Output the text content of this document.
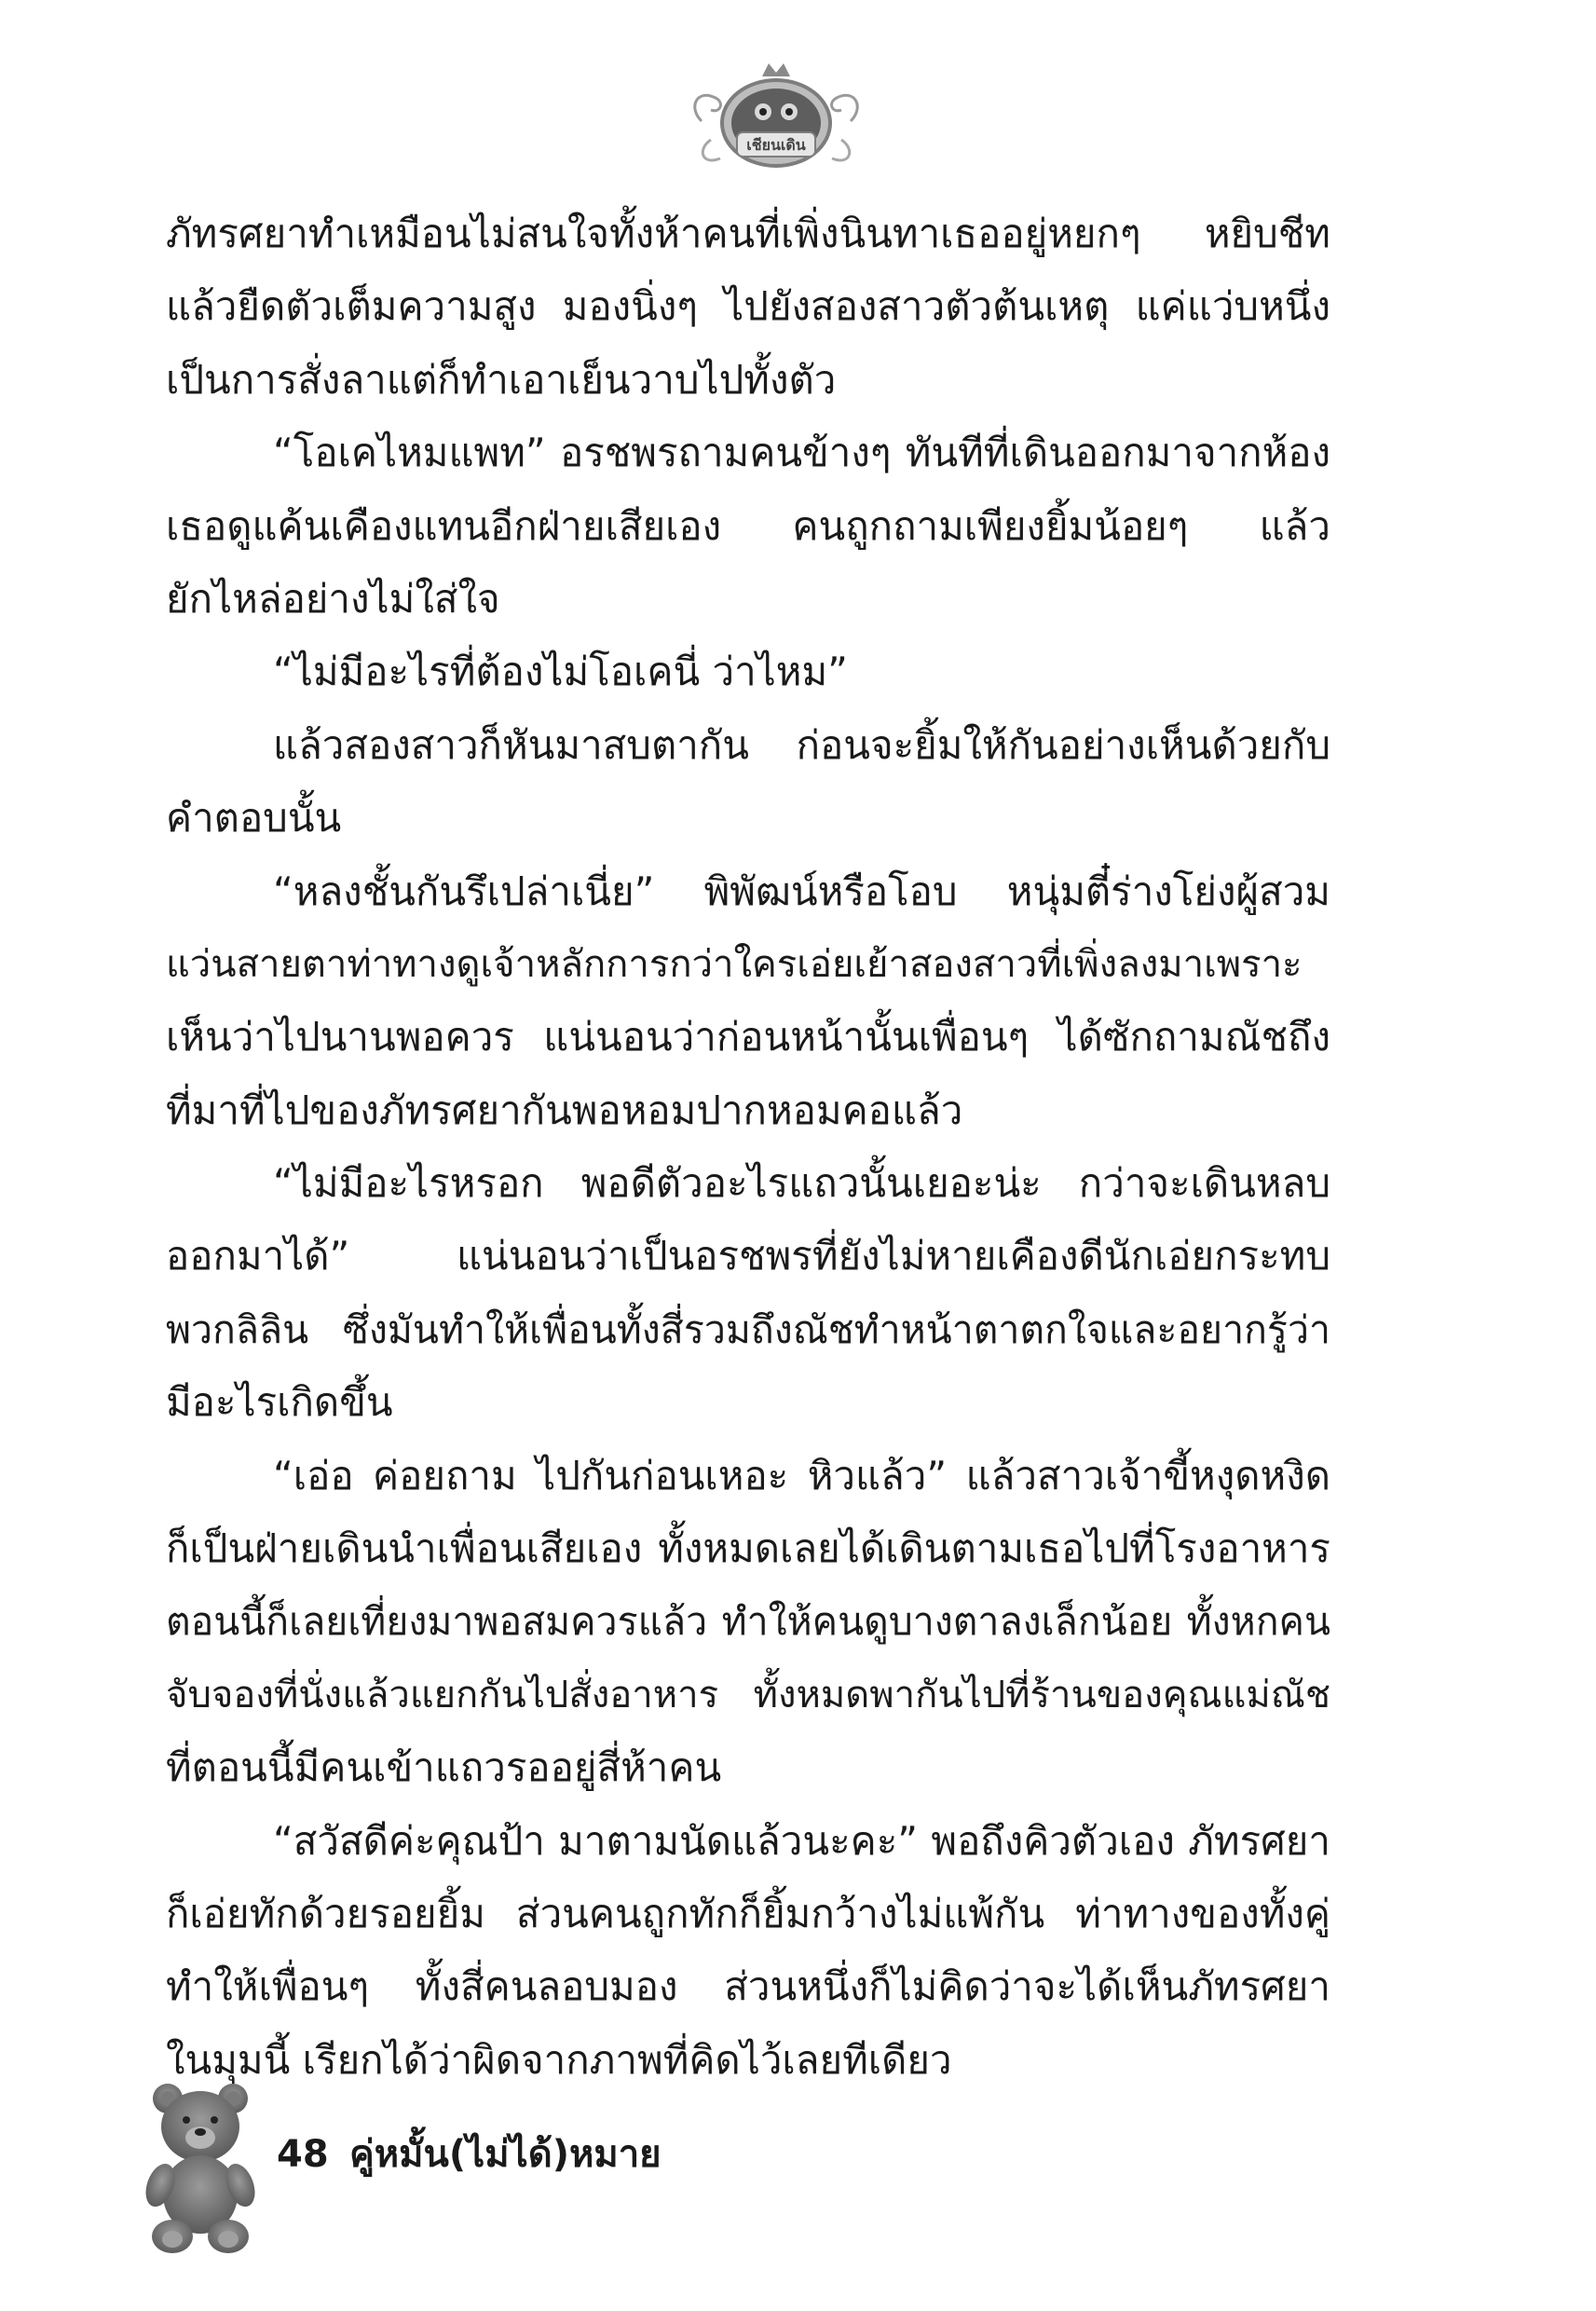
เชียนเดิน
ภัทรศยาทำเหมือนไม่สนใจทั้งห้าคนที่เพิ่งนินทาเธออยู่หยกๆ หยิบชีท
แล้วยืดตัวเต็มความสูง มองนิ่งๆ ไปยังสองสาวตัวต้นเหตุ แค่แว่บหนึ่ง
เป็นการสั่งลาแต่ก็ทำเอาเย็นวาบไปทั้งตัว
“โอเคไหมแพท” อรชพรถามคนข้างๆ ทันทีที่เดินออกมาจากห้อง
เธอดูแค้นเคืองแทนอีกฝ่ายเสียเอง คนถูกถามเพียงยิ้มน้อยๆ แล้ว
ยักไหล่อย่างไม่ใส่ใจ
“ไม่มีอะไรที่ต้องไม่โอเคนี่ ว่าไหม”
แล้วสองสาวก็หันมาสบตากัน ก่อนจะยิ้มให้กันอย่างเห็นด้วยกับ
คำตอบนั้น
“หลงชั้นกันรึเปล่าเนี่ย” พิพัฒน์หรือโอบ หนุ่มตี๋ร่างโย่งผู้สวม
แว่นสายตาท่าทางดูเจ้าหลักการกว่าใครเอ่ยเย้าสองสาวที่เพิ่งลงมาเพราะ
เห็นว่าไปนานพอควร แน่นอนว่าก่อนหน้านั้นเพื่อนๆ ได้ซักถามณัชถึง
ที่มาที่ไปของภัทรศยากันพอหอมปากหอมคอแล้ว
“ไม่มีอะไรหรอก พอดีตัวอะไรแถวนั้นเยอะน่ะ กว่าจะเดินหลบ
ออกมาได้” แน่นอนว่าเป็นอรชพรที่ยังไม่หายเคืองดีนักเอ่ยกระทบ
พวกลิลิน ซึ่งมันทำให้เพื่อนทั้งสี่รวมถึงณัชทำหน้าตาตกใจและอยากรู้ว่า
มีอะไรเกิดขึ้น
“เอ่อ ค่อยถาม ไปกันก่อนเหอะ หิวแล้ว” แล้วสาวเจ้าขี้หงุดหงิด
ก็เป็นฝ่ายเดินนำเพื่อนเสียเอง ทั้งหมดเลยได้เดินตามเธอไปที่โรงอาหาร
ตอนนี้ก็เลยเที่ยงมาพอสมควรแล้ว ทำให้คนดูบางตาลงเล็กน้อย ทั้งหกคน
จับจองที่นั่งแล้วแยกกันไปสั่งอาหาร ทั้งหมดพากันไปที่ร้านของคุณแม่ณัช
ที่ตอนนี้มีคนเข้าแถวรออยู่สี่ห้าคน
“สวัสดีค่ะคุณป้า มาตามนัดแล้วนะคะ” พอถึงคิวตัวเอง ภัทรศยา
ก็เอ่ยทักด้วยรอยยิ้ม ส่วนคนถูกทักก็ยิ้มกว้างไม่แพ้กัน ท่าทางของทั้งคู่
ทำให้เพื่อนๆ ทั้งสี่คนลอบมอง ส่วนหนึ่งก็ไม่คิดว่าจะได้เห็นภัทรศยา
ในมุมนี้ เรียกได้ว่าผิดจากภาพที่คิดไว้เลยทีเดียว
48 คู่หมั้น(ไม่ได้)หมาย
